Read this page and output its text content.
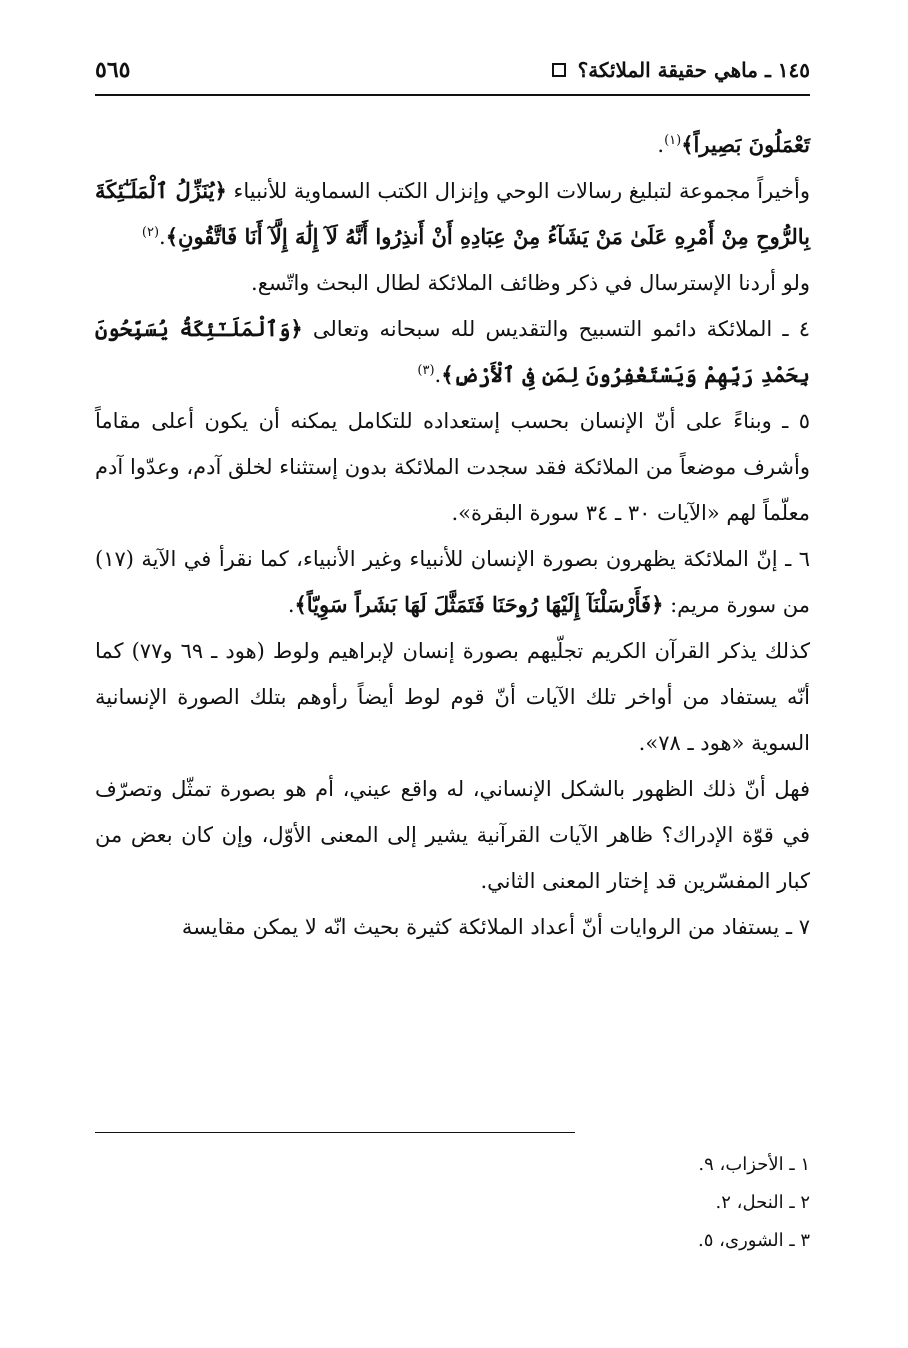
١٤٥ ـ ماهي حقيقة الملائكة؟
٥٦٥

تَعْمَلُونَ بَصِيراً﴾$^{(١)}$.

وأخيراً مجموعة لتبليغ رسالات الوحي وإنزال الكتب السماوية للأنبياء ﴿يُنَزِّلُ ٱلْمَلَـٰٓئِكَةَ بِالرُّوحِ مِنْ أَمْرِهِ عَلَىٰ مَنْ يَشَآءُ مِنْ عِبَادِهِ أَنْ أَنذِرُوا أَنَّهُ لَآ إِلَٰهَ إِلَّآ أَنَا فَاتَّقُونِ﴾.$^{(٢)}$

ولو أردنا الإسترسال في ذكر وظائف الملائكة لطال البحث واتّسع.

٤ ـ الملائكة دائمو التسبيح والتقديس لله سبحانه وتعالى ﴿وَٱلْمَلَـٰٓئِكَةُ يُسَبِّحُونَ بِحَمْدِ رَبِّهِمْ وَيَسْتَغْفِرُونَ لِمَن فِى ٱلْأَرْضِ﴾.$^{(٣)}$

٥ ـ وبناءً على أنّ الإنسان بحسب إستعداده للتكامل يمكنه أن يكون أعلى مقاماً وأشرف موضعاً من الملائكة فقد سجدت الملائكة بدون إستثناء لخلق آدم، وعدّوا آدم معلّماً لهم «الآيات ٣٠ ـ ٣٤ سورة البقرة».

٦ ـ إنّ الملائكة يظهرون بصورة الإنسان للأنبياء وغير الأنبياء، كما نقرأ في الآية (١٧) من سورة مريم: ﴿فَأَرْسَلْنَآ إِلَيْهَا رُوحَنَا فَتَمَثَّلَ لَهَا بَشَراً سَوِيّاً﴾.

كذلك يذكر القرآن الكريم تجلّيهم بصورة إنسان لإبراهيم ولوط (هود ـ ٦٩ و٧٧) كما أنّه يستفاد من أواخر تلك الآيات أنّ قوم لوط أيضاً رأوهم بتلك الصورة الإنسانية السوية «هود ـ ٧٨».

فهل أنّ ذلك الظهور بالشكل الإنساني، له واقع عيني، أم هو بصورة تمثّل وتصرّف في قوّة الإدراك؟ ظاهر الآيات القرآنية يشير إلى المعنى الأوّل، وإن كان بعض من كبار المفسّرين قد إختار المعنى الثاني.

٧ ـ يستفاد من الروايات أنّ أعداد الملائكة كثيرة بحيث انّه لا يمكن مقايسة

١ ـ الأحزاب، ٩.

٢ ـ النحل، ٢.

٣ ـ الشورى، ٥.
